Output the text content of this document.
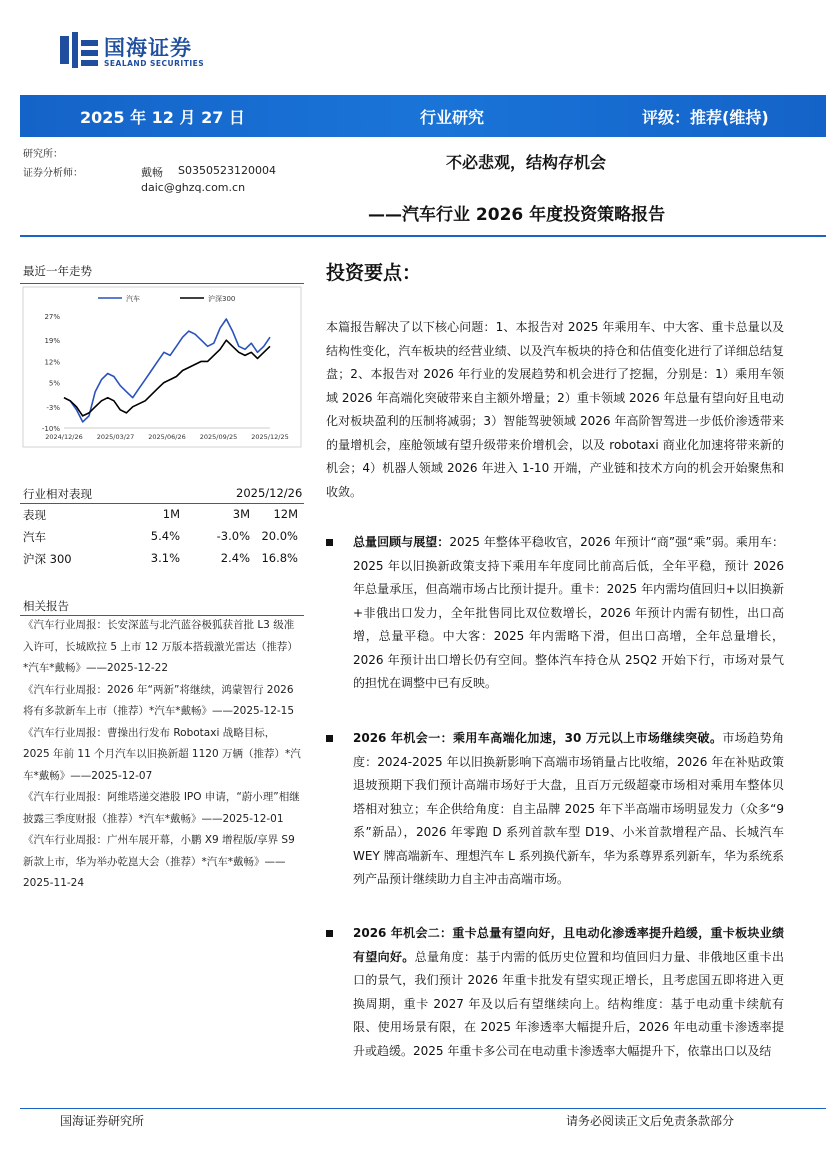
国海证券
SEALAND SECURITIES
2025 年 12 月 27 日	行业研究	评级：推荐(维持)
研究所：
证券分析师：	戴畅 S0350523120004
daic@ghzq.com.cn
不必悲观，结构存机会
——汽车行业 2026 年度投资策略报告
最近一年走势
27%
19%
12%
5%
-3%
-10%
2024/12/26 2025/03/27 2025/06/26 2025/09/25 2025/12/25
汽车	沪深300
行业相对表现	2025/12/26
表现	1M	3M	12M
汽车	5.4%	-3.0% 20.0%
沪深 300	3.1%	2.4% 16.8%
相关报告

《汽车行业周报：长安深蓝与北汽蓝谷极狐获首批 L3 级准入许可，长城欧拉 5 上市 12 万版本搭载激光雷达（推荐）*汽车*戴畅》——2025-12-22

《汽车行业周报：2026 年“两新”将继续，鸿蒙智行 2026 将有多款新车上市（推荐）*汽车*戴畅》——2025-12-15

《汽车行业周报：曹操出行发布 Robotaxi 战略目标，2025 年前 11 个月汽车以旧换新超 1120 万辆（推荐）*汽车*戴畅》——2025-12-07

《汽车行业周报：阿维塔递交港股 IPO 申请，“蔚小理”相继披露三季度财报（推荐）*汽车*戴畅》——2025-12-01

《汽车行业周报：广州车展开幕，小鹏 X9 增程版/享界 S9 新款上市，华为举办乾崑大会（推荐）*汽车*戴畅》——2025-11-24

投资要点：

本篇报告解决了以下核心问题：1、本报告对 2025 年乘用车、中大客、重卡总量以及结构性变化，汽车板块的经营业绩、以及汽车板块的持仓和估值变化进行了详细总结复盘；2、本报告对 2026 年行业的发展趋势和机会进行了挖掘，分别是：1）乘用车领域 2026 年高端化突破带来自主额外增量；2）重卡领域 2026 年总量有望向好且电动化对板块盈利的压制将减弱；3）智能驾驶领域 2026 年高阶智驾进一步低价渗透带来的量增机会，座舱领域有望升级带来价增机会，以及 robotaxi 商业化加速将带来新的机会；4）机器人领域 2026 年进入 1-10 开端，产业链和技术方向的机会开始聚焦和收敛。

总量回顾与展望：2025 年整体平稳收官，2026 年预计“商”强“乘”弱。乘用车：2025 年以旧换新政策支持下乘用车年度同比前高后低，全年平稳，预计 2026 年总量承压，但高端市场占比预计提升。重卡：2025 年内需均值回归+以旧换新+非俄出口发力，全年批售同比双位数增长，2026 年预计内需有韧性，出口高增，总量平稳。中大客：2025 年内需略下滑，但出口高增，全年总量增长，2026 年预计出口增长仍有空间。整体汽车持仓从 25Q2 开始下行，市场对景气的担忧在调整中已有反映。

2026 年机会一：乘用车高端化加速，30 万元以上市场继续突破。市场趋势角度：2024-2025 年以旧换新影响下高端市场销量占比收缩，2026 年在补贴政策退坡预期下我们预计高端市场好于大盘，且百万元级超豪市场相对乘用车整体贝塔相对独立；车企供给角度：自主品牌 2025 年下半高端市场明显发力（众多“9 系”新品），2026 年零跑 D 系列首款车型 D19、小米首款增程产品、长城汽车 WEY 牌高端新车、理想汽车 L 系列换代新车，华为系尊界系列新车，华为系统系列产品预计继续助力自主冲击高端市场。

2026 年机会二：重卡总量有望向好，且电动化渗透率提升趋缓，重卡板块业绩有望向好。总量角度：基于内需的低历史位置和均值回归力量、非俄地区重卡出口的景气，我们预计 2026 年重卡批发有望实现正增长，且考虑国五即将进入更换周期，重卡 2027 年及以后有望继续向上。结构维度：基于电动重卡续航有限、使用场景有限，在 2025 年渗透率大幅提升后，2026 年电动重卡渗透率提升或趋缓。2025 年重卡多公司在电动重卡渗透率大幅提升下，依靠出口以及结

国海证券研究所	请务必阅读正文后免责条款部分
